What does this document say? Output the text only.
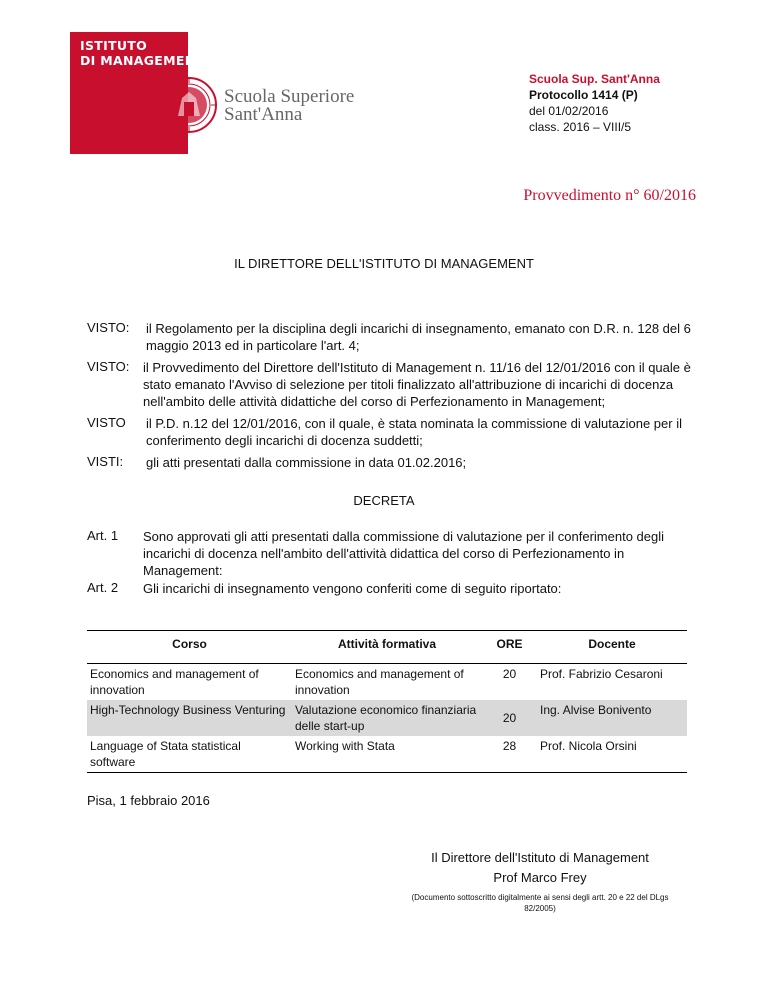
ISTITUTO
DI MANAGEMENT
Scuola Superiore
Sant'Anna
Scuola Sup. Sant'Anna
Protocollo 1414 (P)
del 01/02/2016
class. 2016 – VIII/5
Provvedimento n° 60/2016
IL DIRETTORE DELL'ISTITUTO DI MANAGEMENT
VISTO:	il Regolamento per la disciplina degli incarichi di insegnamento, emanato con D.R. n. 128 del 6 maggio 2013 ed in particolare l'art. 4;
VISTO:	il Provvedimento del Direttore dell'Istituto di Management n. 11/16 del 12/01/2016 con il quale è stato emanato l'Avviso di selezione per titoli finalizzato all'attribuzione di incarichi di docenza nell'ambito delle attività didattiche del corso di Perfezionamento in Management;
VISTO	il P.D. n.12 del 12/01/2016, con il quale, è stata nominata la commissione di valutazione per il conferimento degli incarichi di docenza suddetti;
VISTI:	gli atti presentati dalla commissione in data 01.02.2016;
DECRETA
Art. 1	Sono approvati gli atti presentati dalla commissione di valutazione per il conferimento degli incarichi di docenza nell'ambito dell'attività didattica del corso di Perfezionamento in Management:
Art. 2	Gli incarichi di insegnamento vengono conferiti come di seguito riportato:
Corso	Attività formativa	ORE	Docente
Economics and management of innovation	Economics and management of innovation	20	Prof. Fabrizio Cesaroni
High-Technology Business Venturing	Valutazione economico finanziaria delle start-up	20	Ing. Alvise Bonivento
Language of Stata statistical software	Working with Stata	28	Prof. Nicola Orsini
Pisa, 1 febbraio 2016
Il Direttore dell'Istituto di Management
Prof Marco Frey
(Documento sottoscritto digitalmente ai sensi degli artt. 20 e 22 del DLgs 82/2005)
